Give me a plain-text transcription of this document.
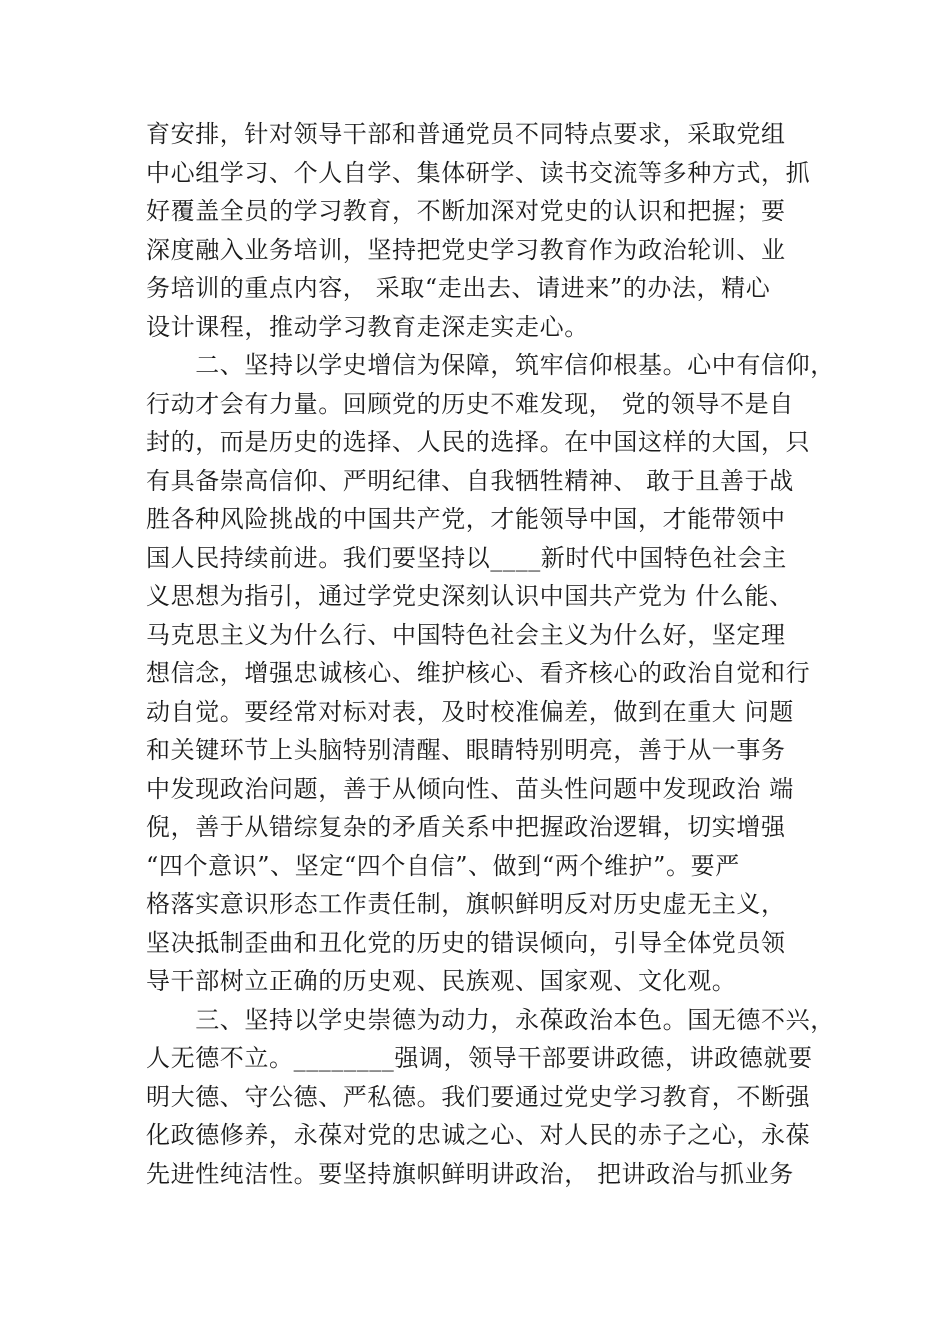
育安排，针对领导干部和普通党员不同特点要求，采取党组
中心组学习、个人自学、集体研学、读书交流等多种方式，抓
好覆盖全员的学习教育，不断加深对党史的认识和把握；要
深度融入业务培训，坚持把党史学习教育作为政治轮训、业
务培训的重点内容， 采取“走出去、请进来”的办法，精心
设计课程，推动学习教育走深走实走心。
　　二、坚持以学史增信为保障，筑牢信仰根基。心中有信仰，
行动才会有力量。回顾党的历史不难发现， 党的领导不是自
封的，而是历史的选择、人民的选择。在中国这样的大国，只
有具备崇高信仰、严明纪律、自我牺牲精神、 敢于且善于战
胜各种风险挑战的中国共产党，才能领导中国，才能带领中
国人民持续前进。我们要坚持以____新时代中国特色社会主
义思想为指引，通过学党史深刻认识中国共产党为 什么能、
马克思主义为什么行、中国特色社会主义为什么好，坚定理
想信念，增强忠诚核心、维护核心、看齐核心的政治自觉和行
动自觉。要经常对标对表，及时校准偏差，做到在重大 问题
和关键环节上头脑特别清醒、眼睛特别明亮，善于从一事务
中发现政治问题，善于从倾向性、苗头性问题中发现政治 端
倪，善于从错综复杂的矛盾关系中把握政治逻辑，切实增强
“四个意识”、坚定“四个自信”、做到“两个维护”。要严
格落实意识形态工作责任制，旗帜鲜明反对历史虚无主义，
坚决抵制歪曲和丑化党的历史的错误倾向，引导全体党员领
导干部树立正确的历史观、民族观、国家观、文化观。
　　三、坚持以学史崇德为动力，永葆政治本色。国无德不兴，
人无德不立。________强调，领导干部要讲政德，讲政德就要
明大德、守公德、严私德。我们要通过党史学习教育，不断强
化政德修养，永葆对党的忠诚之心、对人民的赤子之心，永葆
先进性纯洁性。要坚持旗帜鲜明讲政治， 把讲政治与抓业务
